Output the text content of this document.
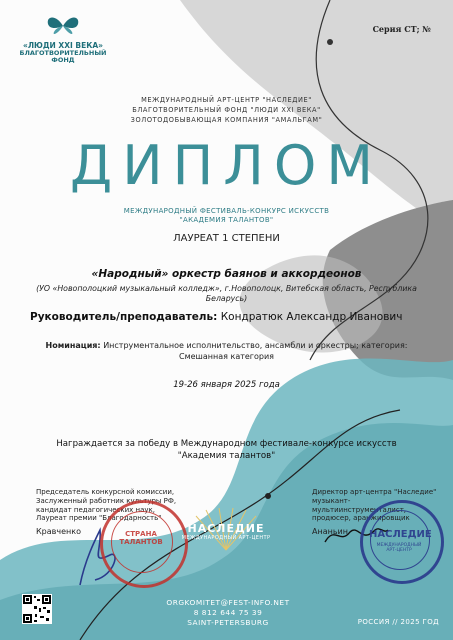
«ЛЮДИ XXI ВЕКА»
БЛАГОТВОРИТЕЛЬНЫЙ
ФОНД
Серия СТ; №
МЕЖДУНАРОДНЫЙ АРТ-ЦЕНТР "НАСЛЕДИЕ"
БЛАГОТВОРИТЕЛЬНЫЙ ФОНД "ЛЮДИ XXI ВЕКА"
ЗОЛОТОДОБЫВАЮЩАЯ КОМПАНИЯ "АМАЛЬГАМ"
ДИПЛОМ
МЕЖДУНАРОДНЫЙ ФЕСТИВАЛЬ-КОНКУРС ИСКУССТВ
"АКАДЕМИЯ ТАЛАНТОВ"
ЛАУРЕАТ 1 СТЕПЕНИ
«Народный» оркестр баянов и аккордеонов
(УО «Новополоцкий музыкальный колледж», г.Новополоцк, Витебская область, Республика Беларусь)
Руководитель/преподаватель: Кондратюк Александр Иванович
Номинация: Инструментальное исполнительство, ансамбли и оркестры; категория: Смешанная категория
19-26 января 2025 года
Награждается за победу в Международном фестивале-конкурсе искусств
"Академия талантов"
Председатель конкурсной комиссии,
Заслуженный работник культуры РФ,
кандидат педагогических наук,
Лауреат премии "Благодарность"
Кравченко	СТРАНА ТАЛАНТОВ
НАСЛЕДИЕ
МЕЖДУНАРОДНЫЙ АРТ-ЦЕНТР
Директор арт-центра "Наследие"
музыкант-мультиинструменталист,
продюсер, аранжировщик
Ананьин	НАСЛЕДИЕ
МЕЖДУНАРОДНЫЙ АРТ-ЦЕНТР
ORGKOMITET@FEST-INFO.NET
8 812 644 75 39
SAINT-PETERSBURG	РОССИЯ // 2025 ГОД
